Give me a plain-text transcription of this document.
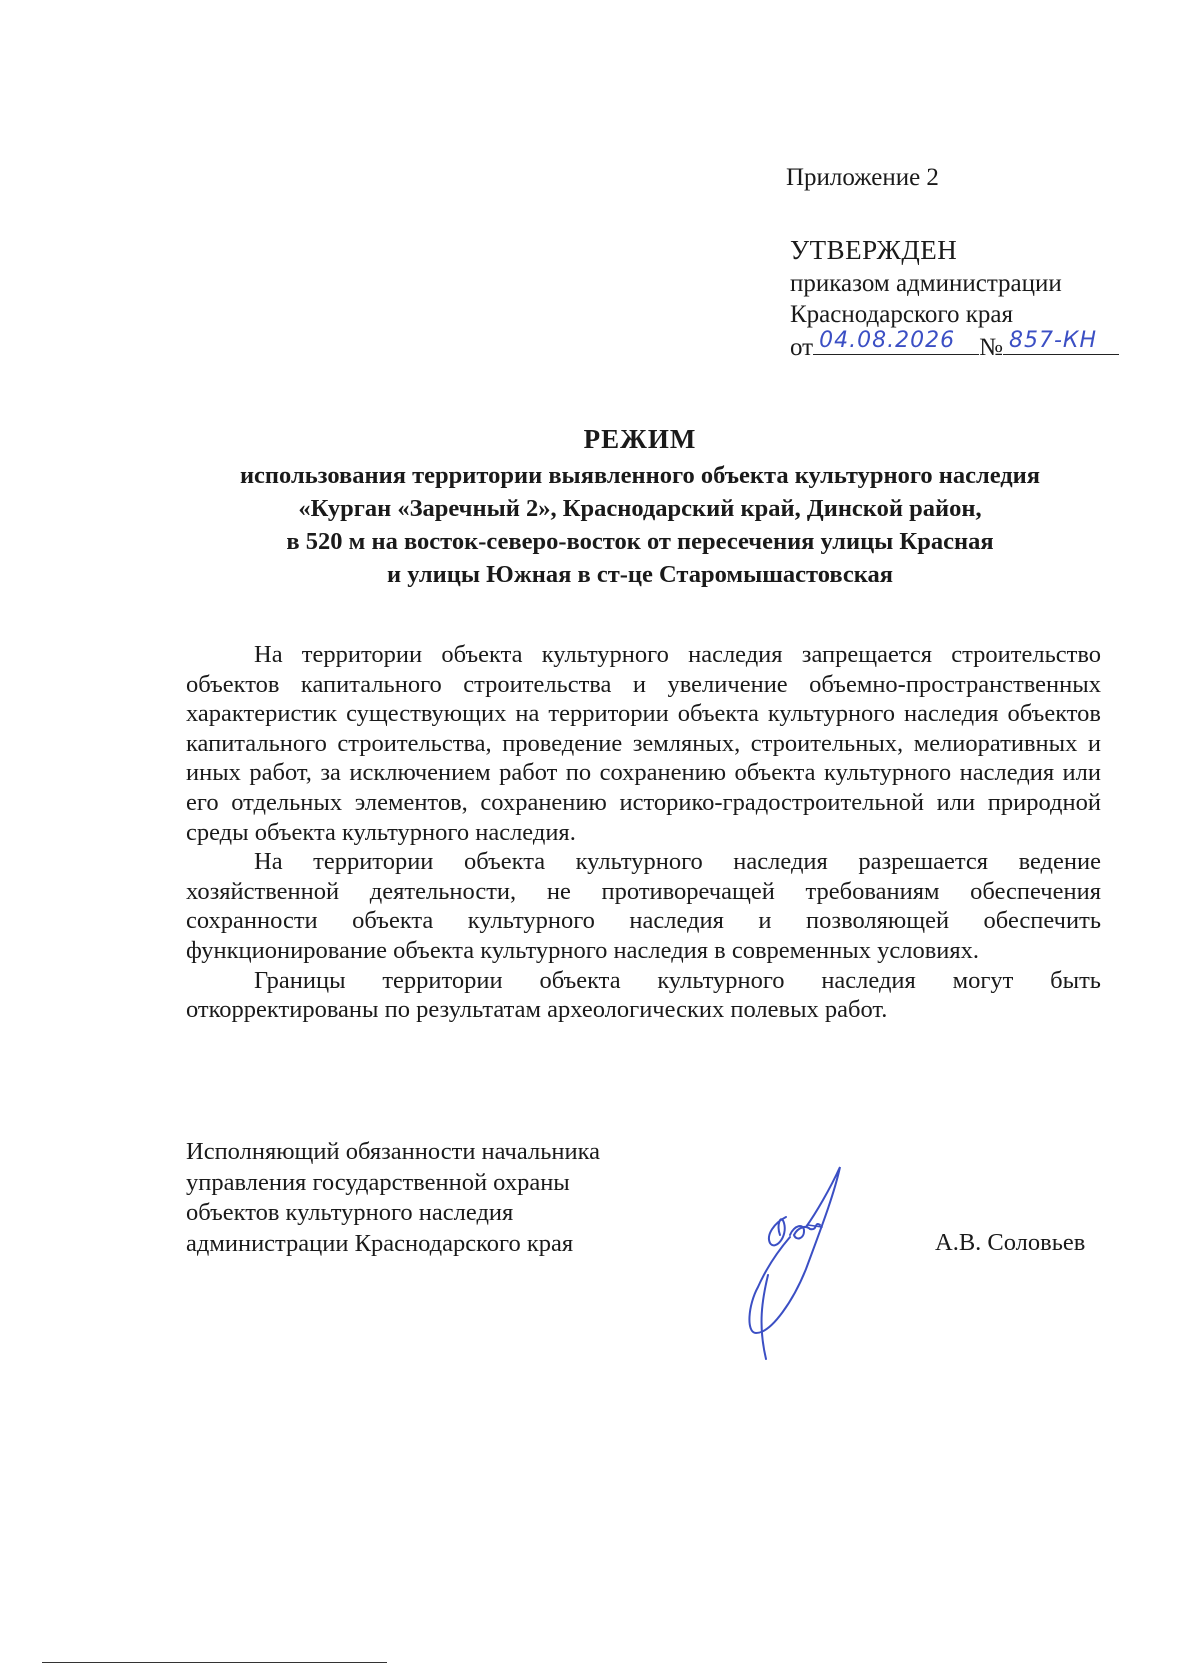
Приложение 2
УТВЕРЖДЕН
приказом администрации
Краснодарского края
от 04.08.2026 № 857-КН
РЕЖИМ
использования территории выявленного объекта культурного наследия
«Курган «Заречный 2», Краснодарский край, Динской район,
в 520 м на восток-северо-восток от пересечения улицы Красная
и улицы Южная в ст-це Старомышастовская

На территории объекта культурного наследия запрещается строительство объектов капитального строительства и увеличение объемно-пространственных характеристик существующих на территории объекта культурного наследия объектов капитального строительства, проведение земляных, строительных, мелиоративных и иных работ, за исключением работ по сохранению объекта культурного наследия или его отдельных элементов, сохранению историко-градостроительной или природной среды объекта культурного наследия.

На территории объекта культурного наследия разрешается ведение хозяйственной деятельности, не противоречащей требованиям обеспечения сохранности объекта культурного наследия и позволяющей обеспечить функционирование объекта культурного наследия в современных условиях.

Границы территории объекта культурного наследия могут быть откорректированы по результатам археологических полевых работ.

Исполняющий обязанности начальника
управления государственной охраны
объектов культурного наследия
администрации Краснодарского края	А.В. Соловьев
